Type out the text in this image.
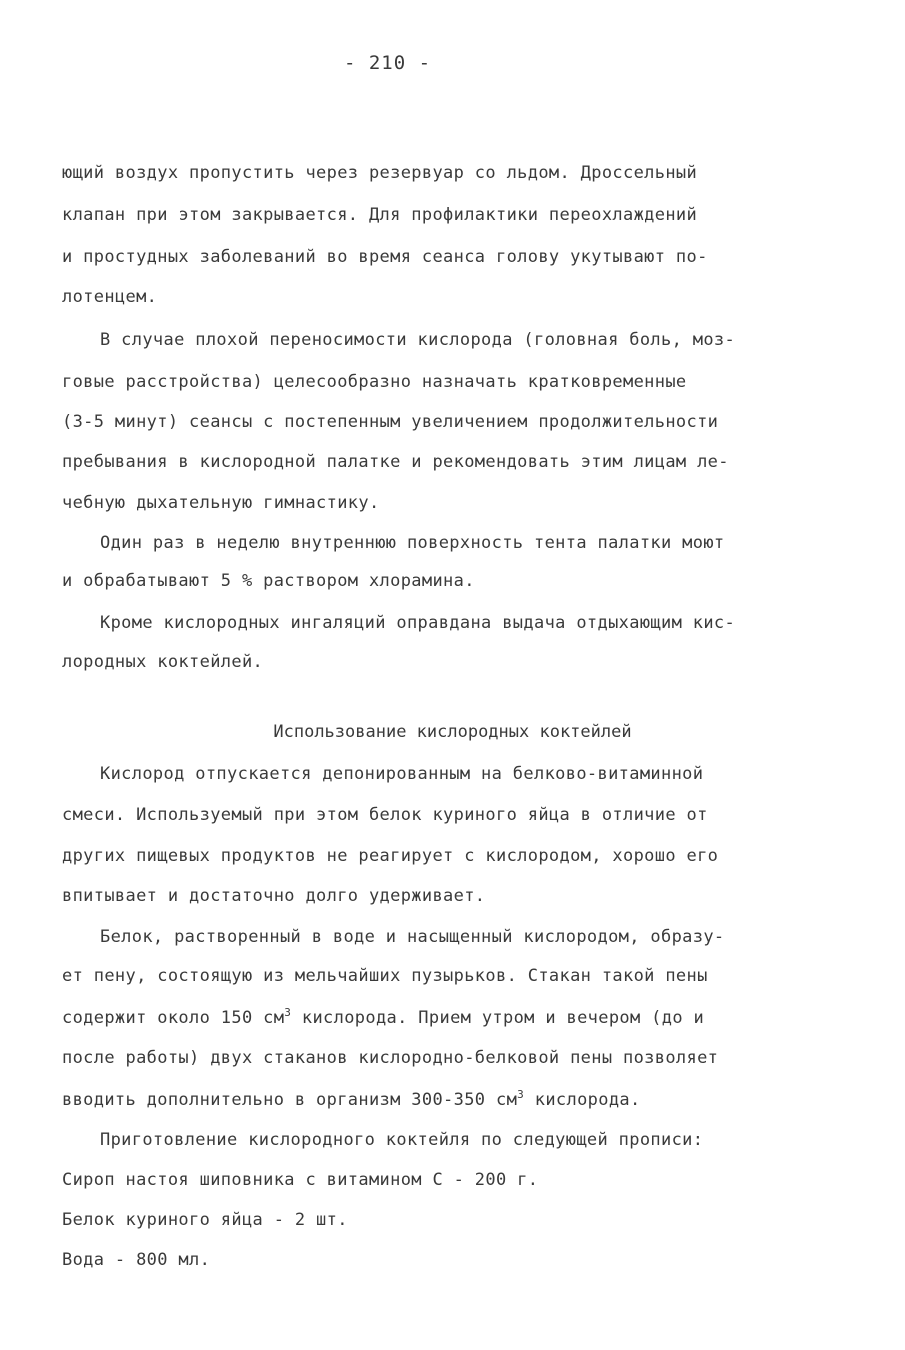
- 210 -
ющий воздух пропустить через резервуар со льдом. Дроссельный
клапан при этом закрывается. Для профилактики переохлаждений
и простудных заболеваний во время сеанса голову укутывают по-
лотенцем.
В случае плохой переносимости кислорода (головная боль, моз-
говые расстройства) целесообразно назначать кратковременные
(3-5 минут) сеансы с постепенным увеличением продолжительности
пребывания в кислородной палатке и рекомендовать этим лицам ле-
чебную дыхательную гимнастику.
Один раз в неделю внутреннюю поверхность тента палатки моют
и обрабатывают 5 % раствором хлорамина.
Кроме кислородных ингаляций оправдана выдача отдыхающим кис-
лородных коктейлей.
Использование кислородных коктейлей
Кислород отпускается депонированным на белково-витаминной
смеси. Используемый при этом белок куриного яйца в отличие от
других пищевых продуктов не реагирует с кислородом, хорошо его
впитывает и достаточно долго удерживает.
Белок, растворенный в воде и насыщенный кислородом, образу-
ет пену, состоящую из мельчайших пузырьков. Стакан такой пены
содержит около 150 $см^3$ кислорода. Прием утром и вечером (до и
после работы) двух стаканов кислородно-белковой пены позволяет
вводить дополнительно в организм 300-350 $см^3$ кислорода.
Приготовление кислородного коктейля по следующей прописи:
Сироп настоя шиповника с витамином С - 200 г.
Белок куриного яйца - 2 шт.
Вода - 800 мл.
